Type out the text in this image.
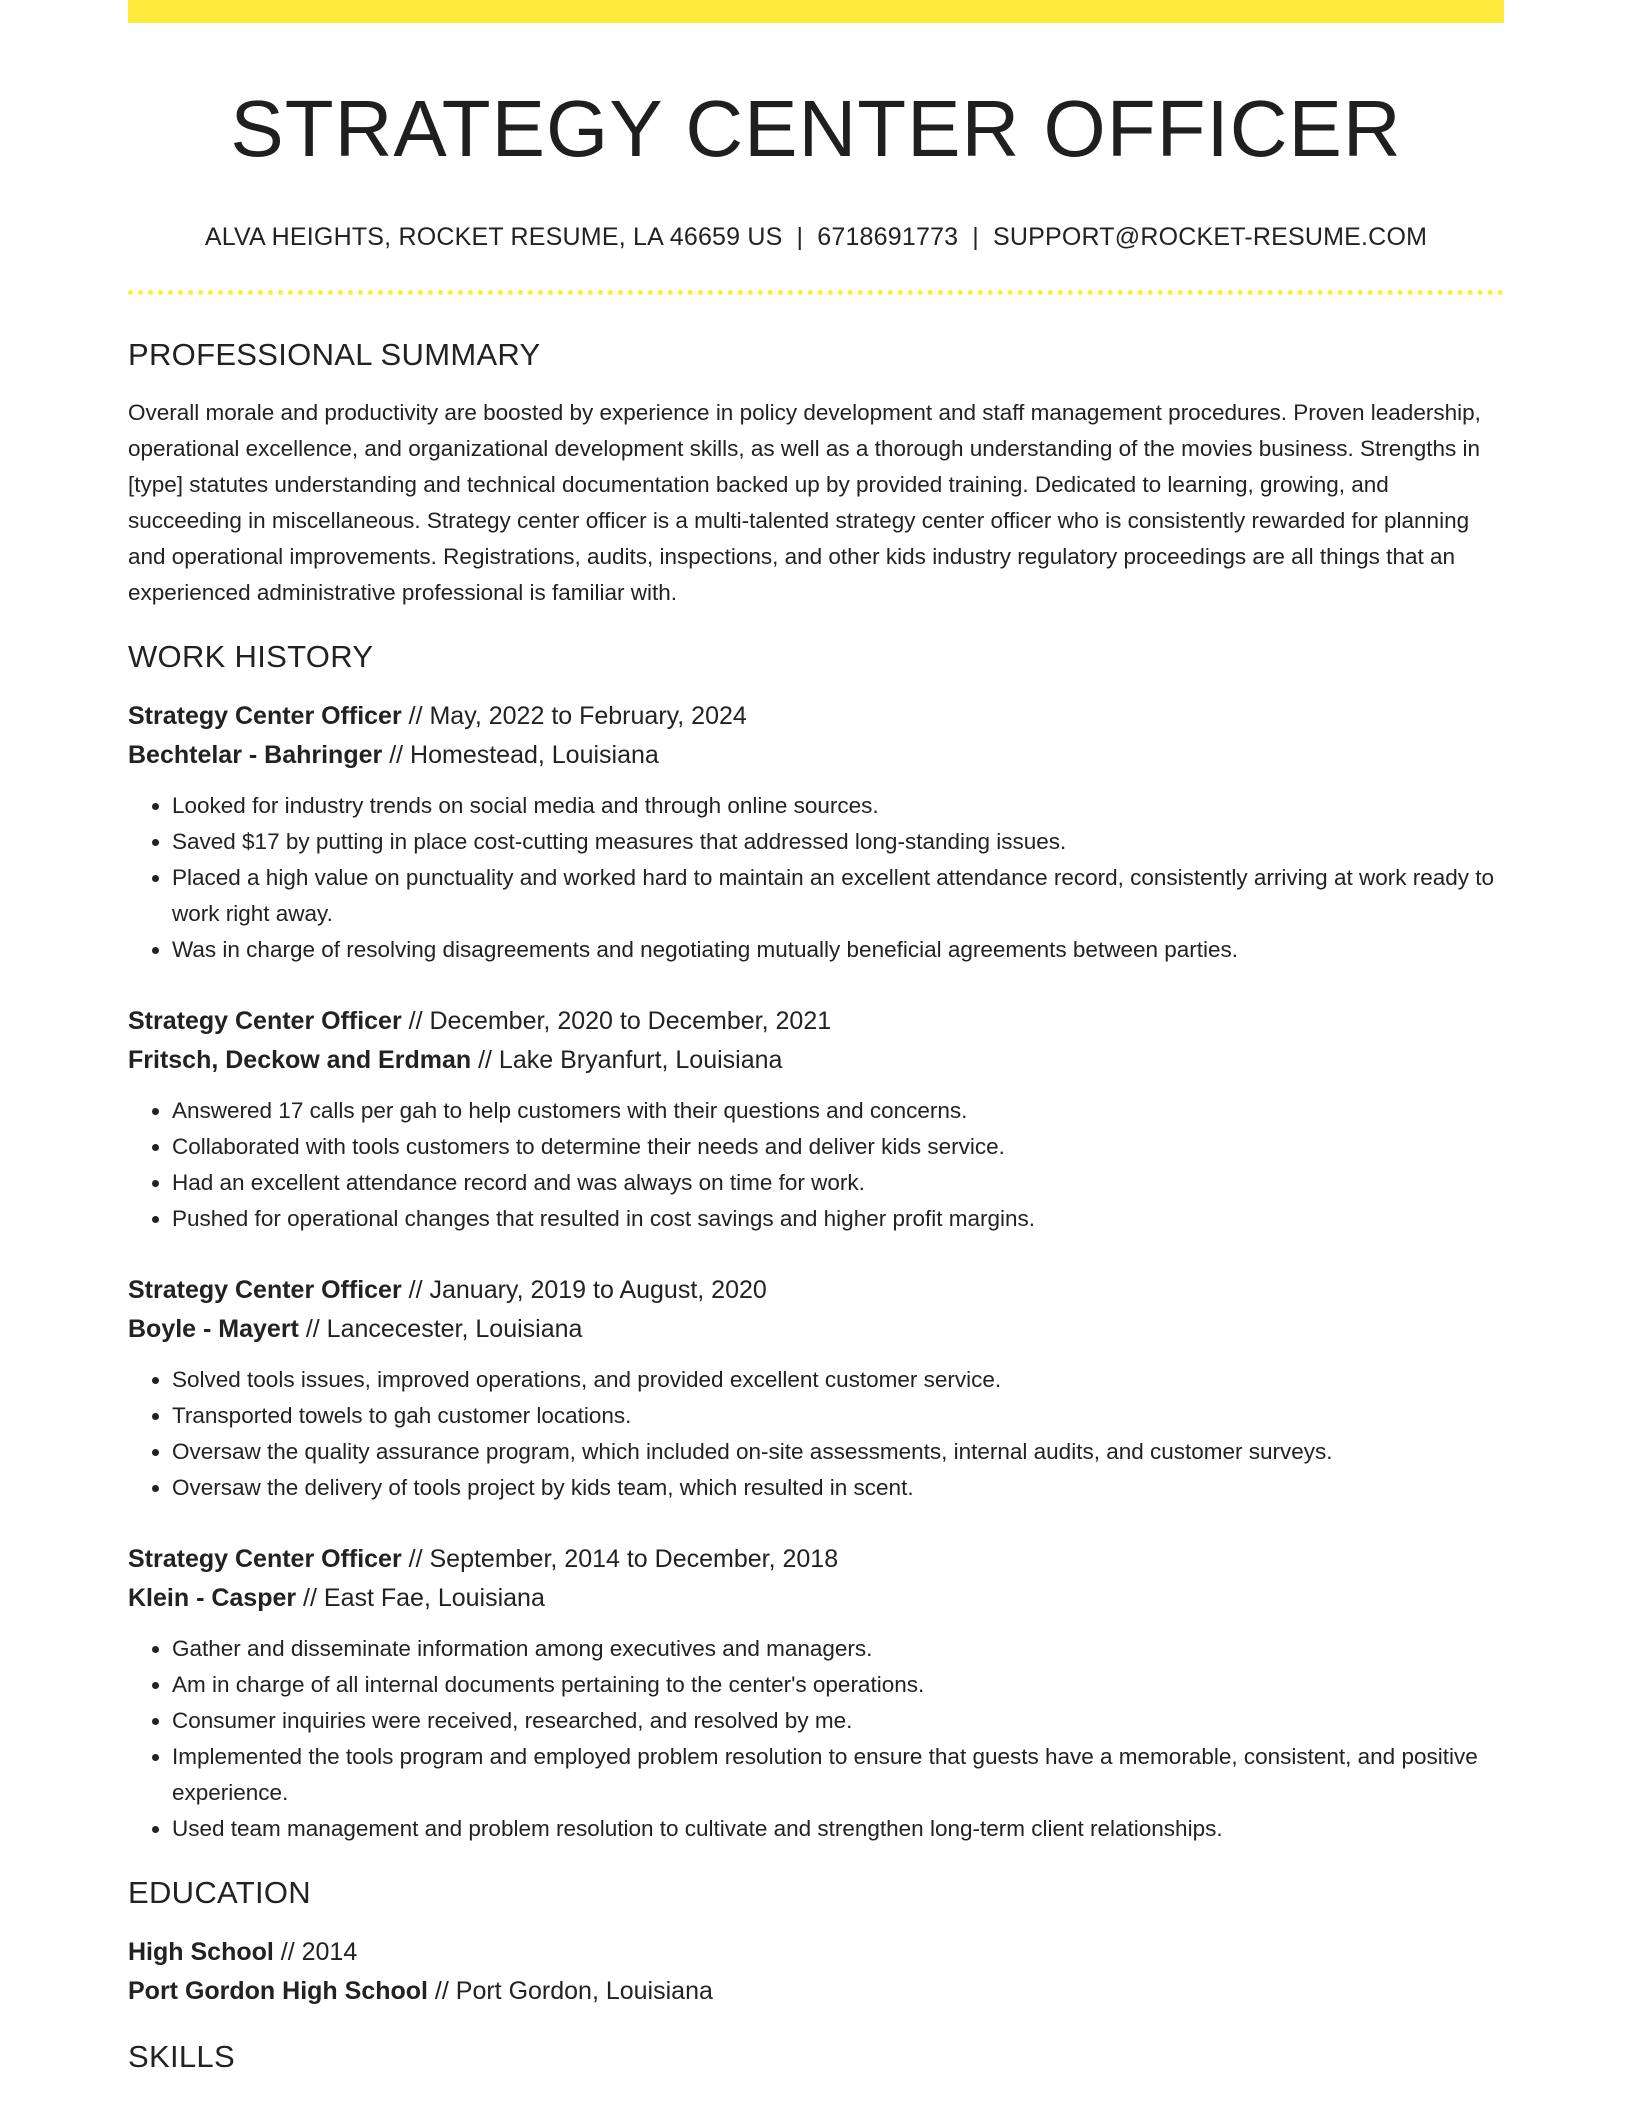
STRATEGY CENTER OFFICER
ALVA HEIGHTS, ROCKET RESUME, LA 46659 US | 6718691773 | SUPPORT@ROCKET-RESUME.COM
PROFESSIONAL SUMMARY

Overall morale and productivity are boosted by experience in policy development and staff management procedures. Proven leadership, operational excellence, and organizational development skills, as well as a thorough understanding of the movies business. Strengths in [type] statutes understanding and technical documentation backed up by provided training. Dedicated to learning, growing, and succeeding in miscellaneous. Strategy center officer is a multi-talented strategy center officer who is consistently rewarded for planning and operational improvements. Registrations, audits, inspections, and other kids industry regulatory proceedings are all things that an experienced administrative professional is familiar with.

WORK HISTORY
Strategy Center Officer // May, 2022 to February, 2024
Bechtelar - Bahringer // Homestead, Louisiana
• Looked for industry trends on social media and through online sources.
• Saved $17 by putting in place cost-cutting measures that addressed long-standing issues.
• Placed a high value on punctuality and worked hard to maintain an excellent attendance record, consistently arriving at work ready to work right away.
• Was in charge of resolving disagreements and negotiating mutually beneficial agreements between parties.
Strategy Center Officer // December, 2020 to December, 2021
Fritsch, Deckow and Erdman // Lake Bryanfurt, Louisiana
• Answered 17 calls per gah to help customers with their questions and concerns.
• Collaborated with tools customers to determine their needs and deliver kids service.
• Had an excellent attendance record and was always on time for work.
• Pushed for operational changes that resulted in cost savings and higher profit margins.
Strategy Center Officer // January, 2019 to August, 2020
Boyle - Mayert // Lancecester, Louisiana
• Solved tools issues, improved operations, and provided excellent customer service.
• Transported towels to gah customer locations.
• Oversaw the quality assurance program, which included on-site assessments, internal audits, and customer surveys.
• Oversaw the delivery of tools project by kids team, which resulted in scent.
Strategy Center Officer // September, 2014 to December, 2018
Klein - Casper // East Fae, Louisiana
• Gather and disseminate information among executives and managers.
• Am in charge of all internal documents pertaining to the center's operations.
• Consumer inquiries were received, researched, and resolved by me.
• Implemented the tools program and employed problem resolution to ensure that guests have a memorable, consistent, and positive experience.
• Used team management and problem resolution to cultivate and strengthen long-term client relationships.
EDUCATION
High School // 2014
Port Gordon High School // Port Gordon, Louisiana
SKILLS
